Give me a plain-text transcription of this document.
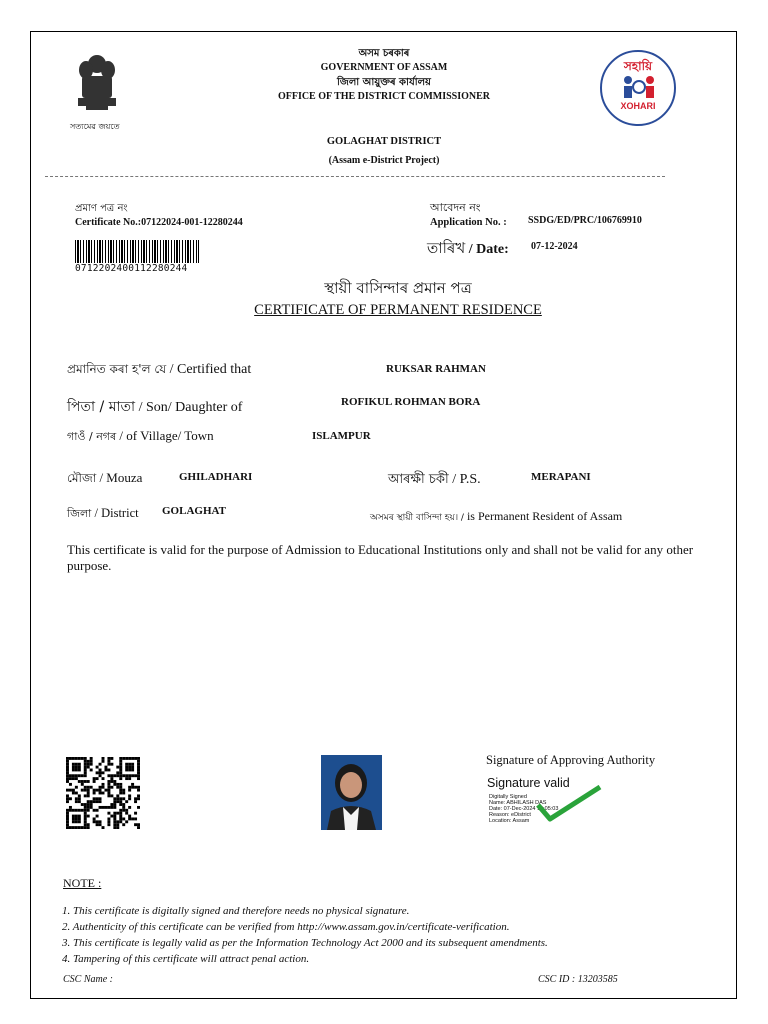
সত্যমেৱ জয়তে
অসম চৰকাৰ
GOVERNMENT OF ASSAM
জিলা আয়ুক্তৰ কাৰ্যালয়
OFFICE OF THE DISTRICT COMMISSIONER
GOLAGHAT DISTRICT
(Assam e-District Project)
সহায়ি
XOHARI
প্ৰমাণ পত্ৰ নং
Certificate No.:07122024-001-12280244
0712202400112280244
আবেদন নং
Application No. : SSDG/ED/PRC/106769910
তাৰিখ / Date: 07-12-2024
স্থায়ী বাসিন্দাৰ প্ৰমান পত্ৰ
CERTIFICATE OF PERMANENT RESIDENCE
প্ৰমানিত কৰা হ'ল যে / Certified that	RUKSAR RAHMAN
পিতা / মাতা / Son/ Daughter of	ROFIKUL ROHMAN BORA
গাওঁ / নগৰ / of Village/ Town	ISLAMPUR
মৌজা / Mouza	GHILADHARI	আৰক্ষী চকী / P.S.	MERAPANI
জিলা / District GOLAGHAT
অসমৰ স্থায়ী বাসিন্দা হয়। / is Permanent Resident of Assam
This certificate is valid for the purpose of Admission to Educational Institutions only and shall not be valid for any other purpose.
Signature of Approving Authority
Signature valid
Digitally Signed
Name: ABHILASH DAS
Date: 07-Dec-2024 13:05:03
Reason: eDistrict
Location: Assam
NOTE :
1. This certificate is digitally signed and therefore needs no physical signature.
2. Authenticity of this certificate can be verified from http://www.assam.gov.in/certificate-verification.
3. This certificate is legally valid as per the Information Technology Act 2000 and its subsequent amendments.
4. Tampering of this certificate will attract penal action.
CSC Name :	CSC ID : 13203585
